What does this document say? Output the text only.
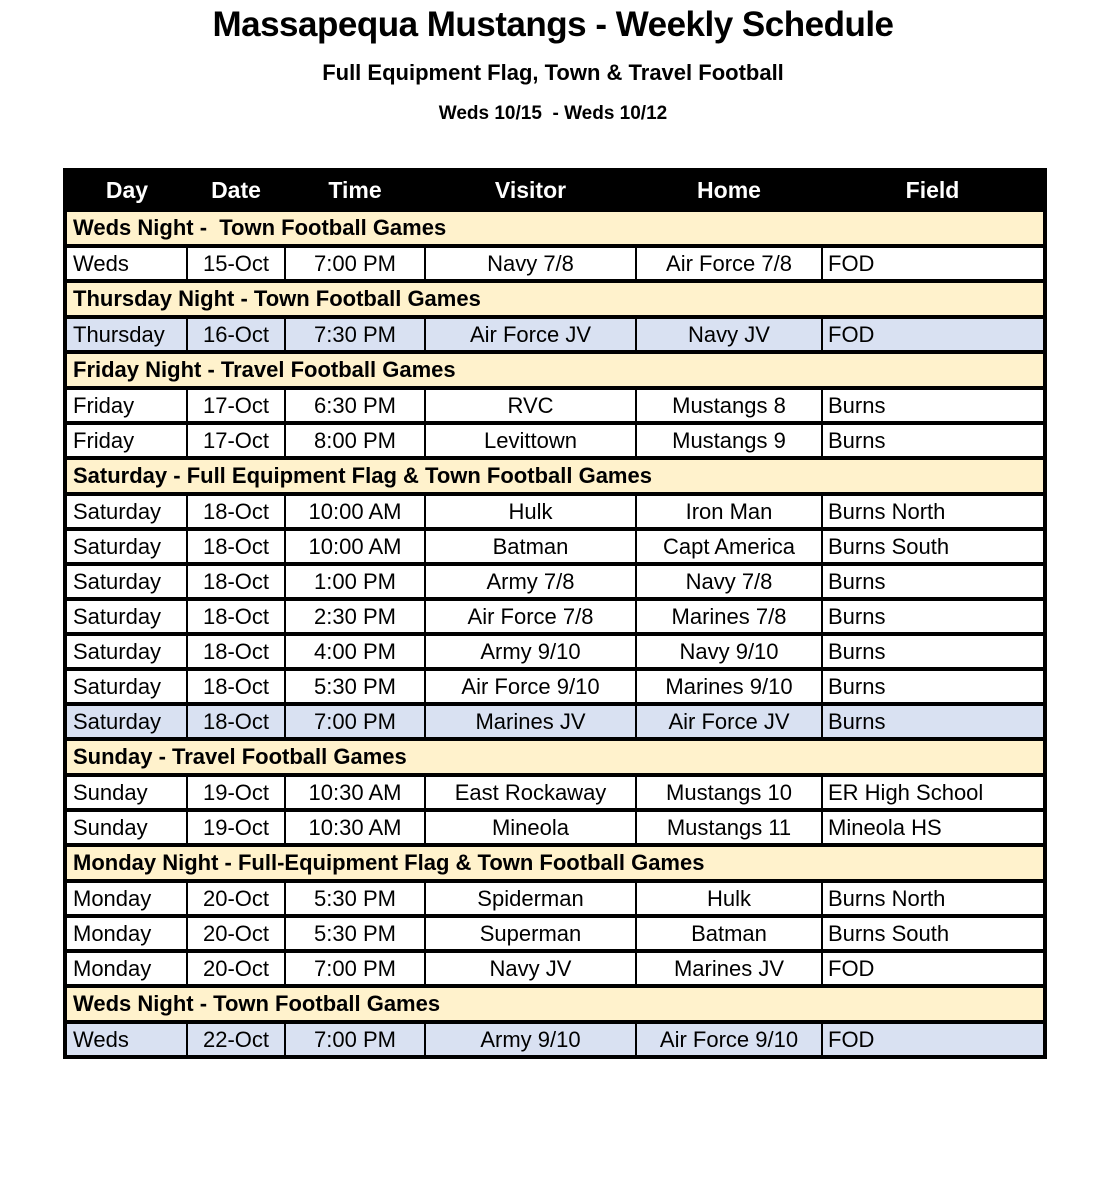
Massapequa Mustangs - Weekly Schedule
Full Equipment Flag, Town & Travel Football
Weds 10/15  - Weds 10/12
Day	Date	Time	Visitor	Home	Field
Weds Night -  Town Football Games					
Weds	15-Oct	7:00 PM	Navy 7/8	Air Force 7/8	FOD
Thursday Night - Town Football Games					
Thursday	16-Oct	7:30 PM	Air Force JV	Navy JV	FOD
Friday Night - Travel Football Games					
Friday	17-Oct	6:30 PM	RVC	Mustangs 8	Burns
Friday	17-Oct	8:00 PM	Levittown	Mustangs 9	Burns
Saturday - Full Equipment Flag & Town Football Games					
Saturday	18-Oct	10:00 AM	Hulk	Iron Man	Burns North
Saturday	18-Oct	10:00 AM	Batman	Capt America	Burns South
Saturday	18-Oct	1:00 PM	Army 7/8	Navy 7/8	Burns
Saturday	18-Oct	2:30 PM	Air Force 7/8	Marines 7/8	Burns
Saturday	18-Oct	4:00 PM	Army 9/10	Navy 9/10	Burns
Saturday	18-Oct	5:30 PM	Air Force 9/10	Marines 9/10	Burns
Saturday	18-Oct	7:00 PM	Marines JV	Air Force JV	Burns
Sunday - Travel Football Games					
Sunday	19-Oct	10:30 AM	East Rockaway	Mustangs 10	ER High School
Sunday	19-Oct	10:30 AM	Mineola	Mustangs 11	Mineola HS
Monday Night - Full-Equipment Flag & Town Football Games					
Monday	20-Oct	5:30 PM	Spiderman	Hulk	Burns North
Monday	20-Oct	5:30 PM	Superman	Batman	Burns South
Monday	20-Oct	7:00 PM	Navy JV	Marines JV	FOD
Weds Night - Town Football Games					
Weds	22-Oct	7:00 PM	Army 9/10	Air Force 9/10	FOD
